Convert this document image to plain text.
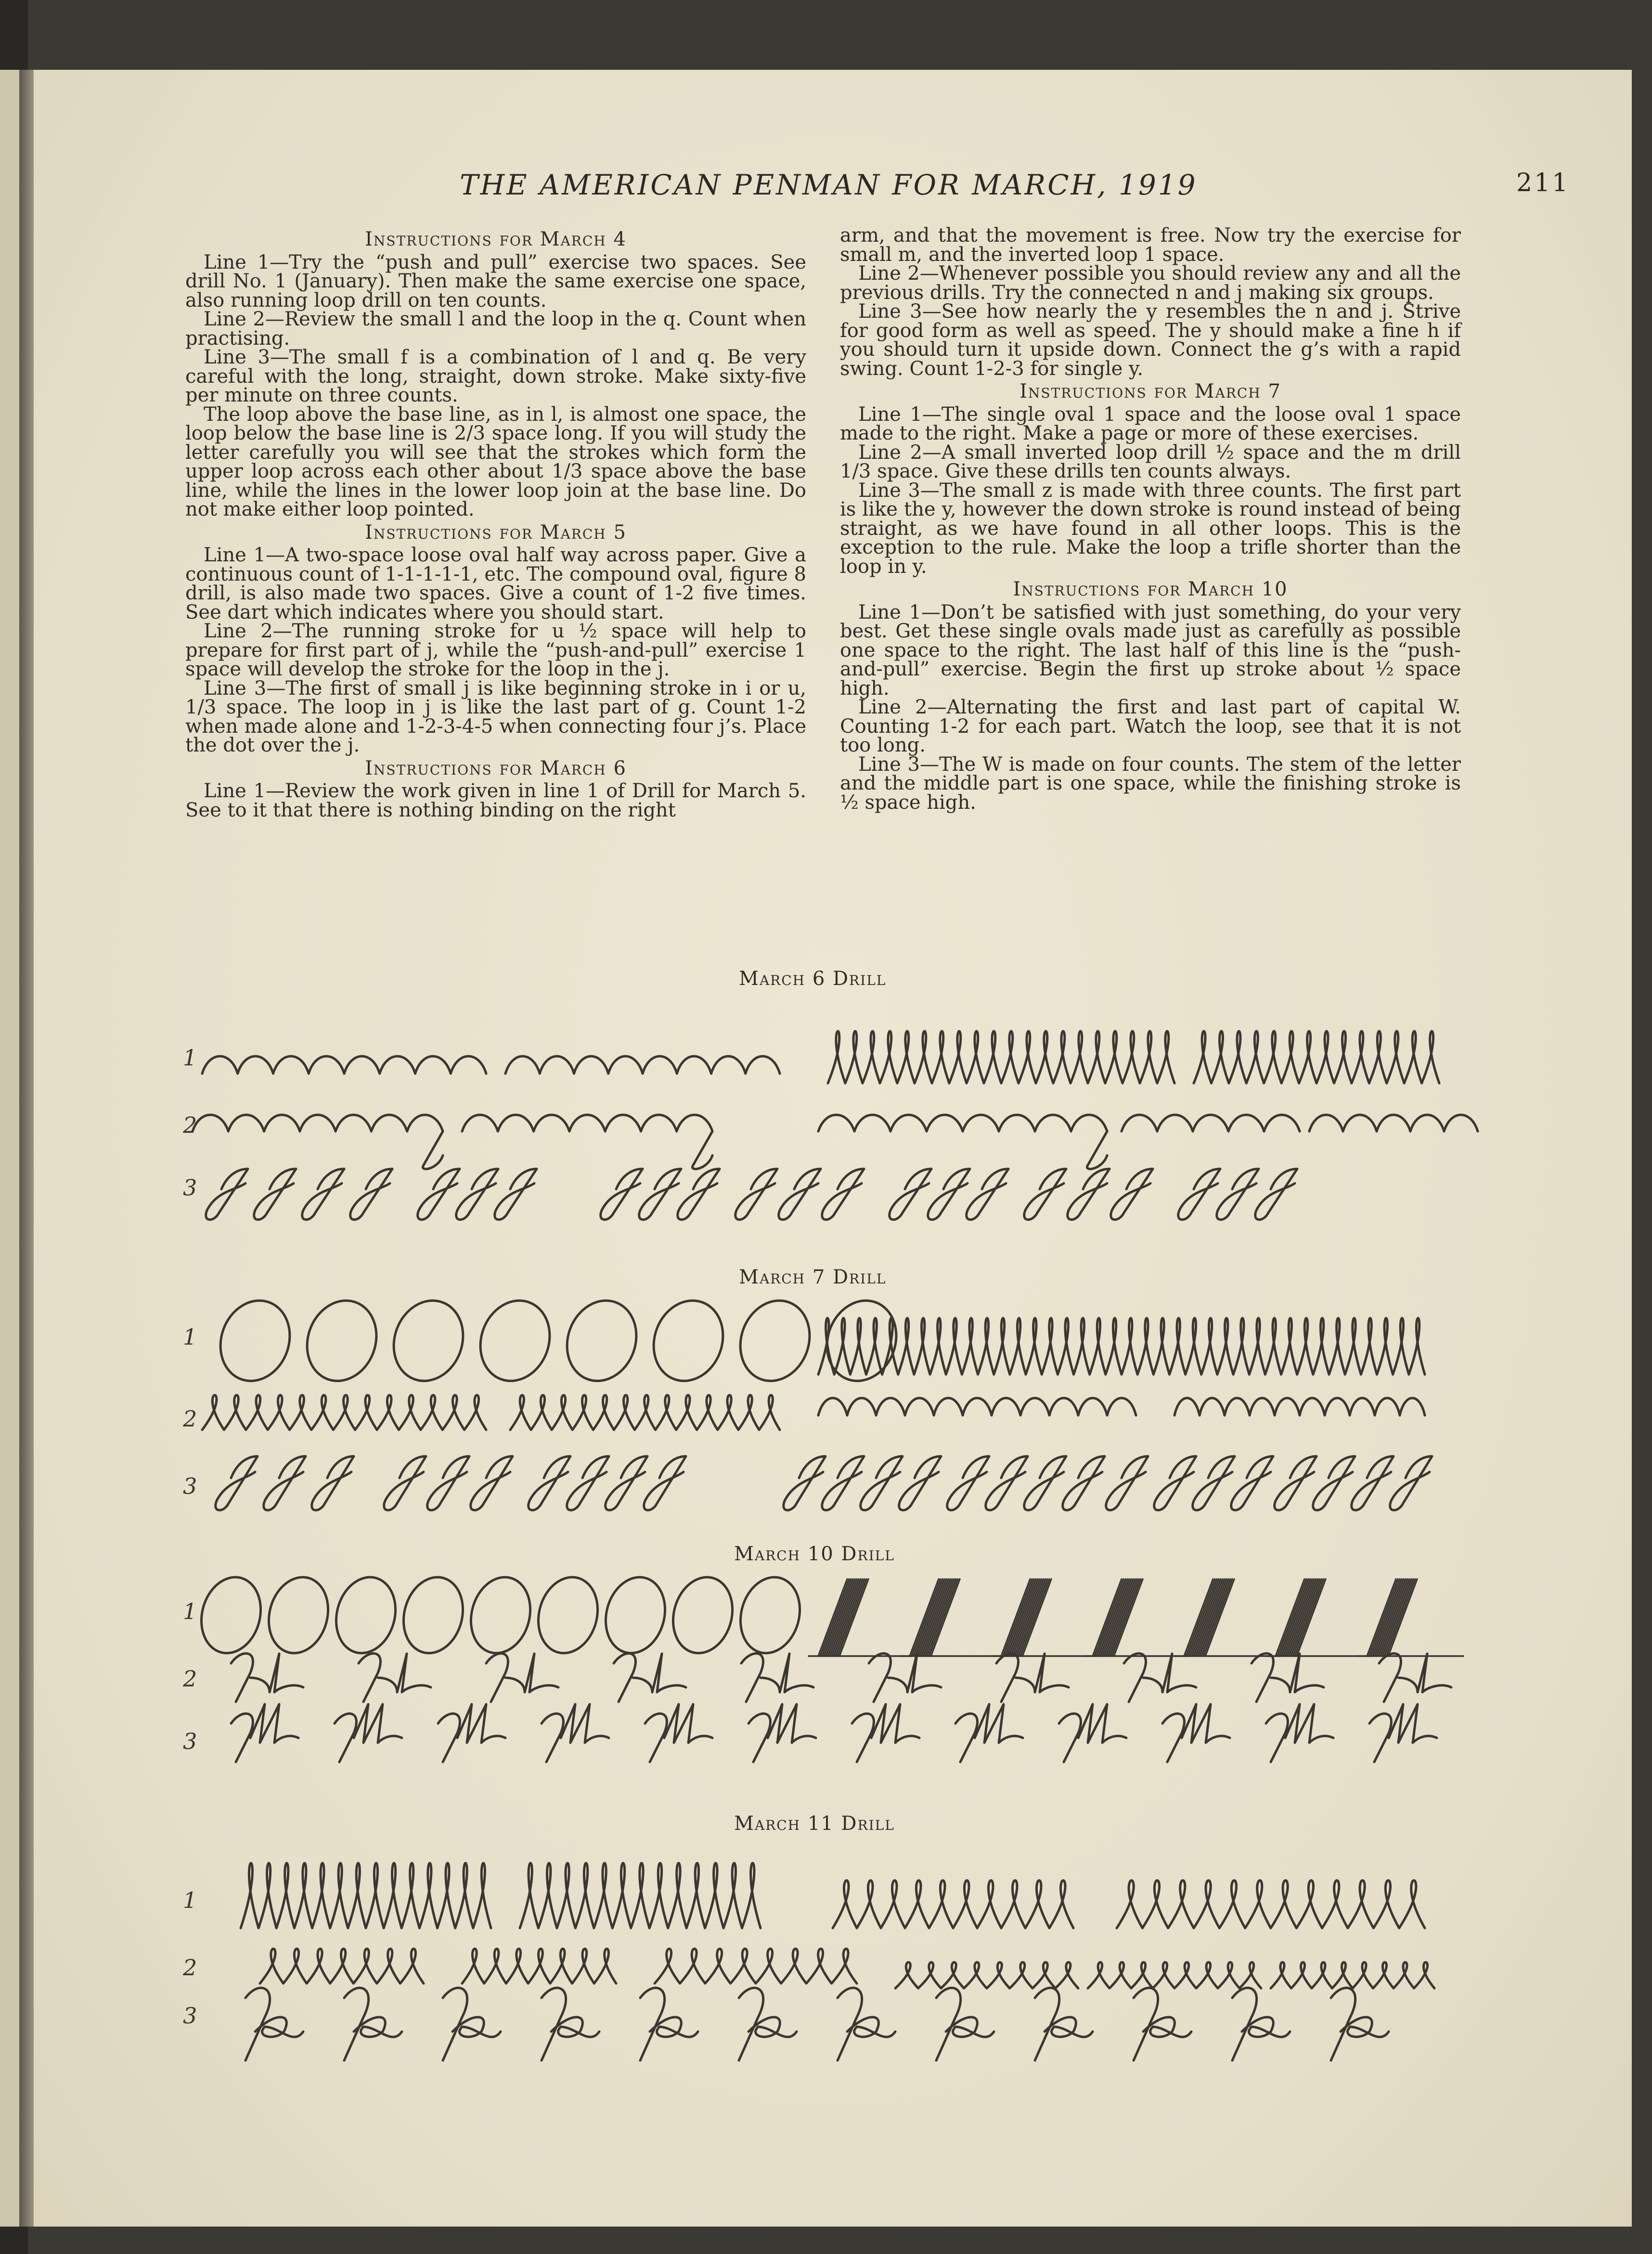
THE AMERICAN PENMAN FOR MARCH, 1919	211
Instructions for March 4

Line 1—Try the “push and pull” exercise two spaces. See drill No. 1 (January). Then make the same exercise one space, also running loop drill on ten counts.

Line 2—Review the small l and the loop in the q. Count when practising.

Line 3—The small f is a combination of l and q. Be very careful with the long, straight, down stroke. Make sixty-five per minute on three counts.

The loop above the base line, as in l, is almost one space, the loop below the base line is 2/3 space long. If you will study the letter carefully you will see that the strokes which form the upper loop across each other about 1/3 space above the base line, while the lines in the lower loop join at the base line. Do not make either loop pointed.

Instructions for March 5

Line 1—A two-space loose oval half way across paper. Give a continuous count of 1-1-1-1-1, etc. The compound oval, figure 8 drill, is also made two spaces. Give a count of 1-2 five times. See dart which indicates where you should start.

Line 2—The running stroke for u ½ space will help to prepare for first part of j, while the “push-and-pull” exercise 1 space will develop the stroke for the loop in the j.

Line 3—The first of small j is like beginning stroke in i or u, 1/3 space. The loop in j is like the last part of g. Count 1-2 when made alone and 1-2-3-4-5 when connecting four j’s. Place the dot over the j.

Instructions for March 6

Line 1—Review the work given in line 1 of Drill for March 5. See to it that there is nothing binding on the right

arm, and that the movement is free. Now try the exercise for small m, and the inverted loop 1 space.

Line 2—Whenever possible you should review any and all the previous drills. Try the connected n and j making six groups.

Line 3—See how nearly the y resembles the n and j. Strive for good form as well as speed. The y should make a fine h if you should turn it upside down. Connect the g’s with a rapid swing. Count 1-2-3 for single y.

Instructions for March 7

Line 1—The single oval 1 space and the loose oval 1 space made to the right. Make a page or more of these exercises.

Line 2—A small inverted loop drill ½ space and the m drill 1/3 space. Give these drills ten counts always.

Line 3—The small z is made with three counts. The first part is like the y, however the down stroke is round instead of being straight, as we have found in all other loops. This is the exception to the rule. Make the loop a trifle shorter than the loop in y.

Instructions for March 10

Line 1—Don’t be satisfied with just something, do your very best. Get these single ovals made just as carefully as possible one space to the right. The last half of this line is the “push-and-pull” exercise. Begin the first up stroke about ½ space high.

Line 2—Alternating the first and last part of capital W. Counting 1-2 for each part. Watch the loop, see that it is not too long.

Line 3—The W is made on four counts. The stem of the letter and the middle part is one space, while the finishing stroke is ½ space high.

March 6 Drill
March 7 Drill
March 10 Drill
March 11 Drill
1
2
3
1
2
3
1
2
3
1
2
3
